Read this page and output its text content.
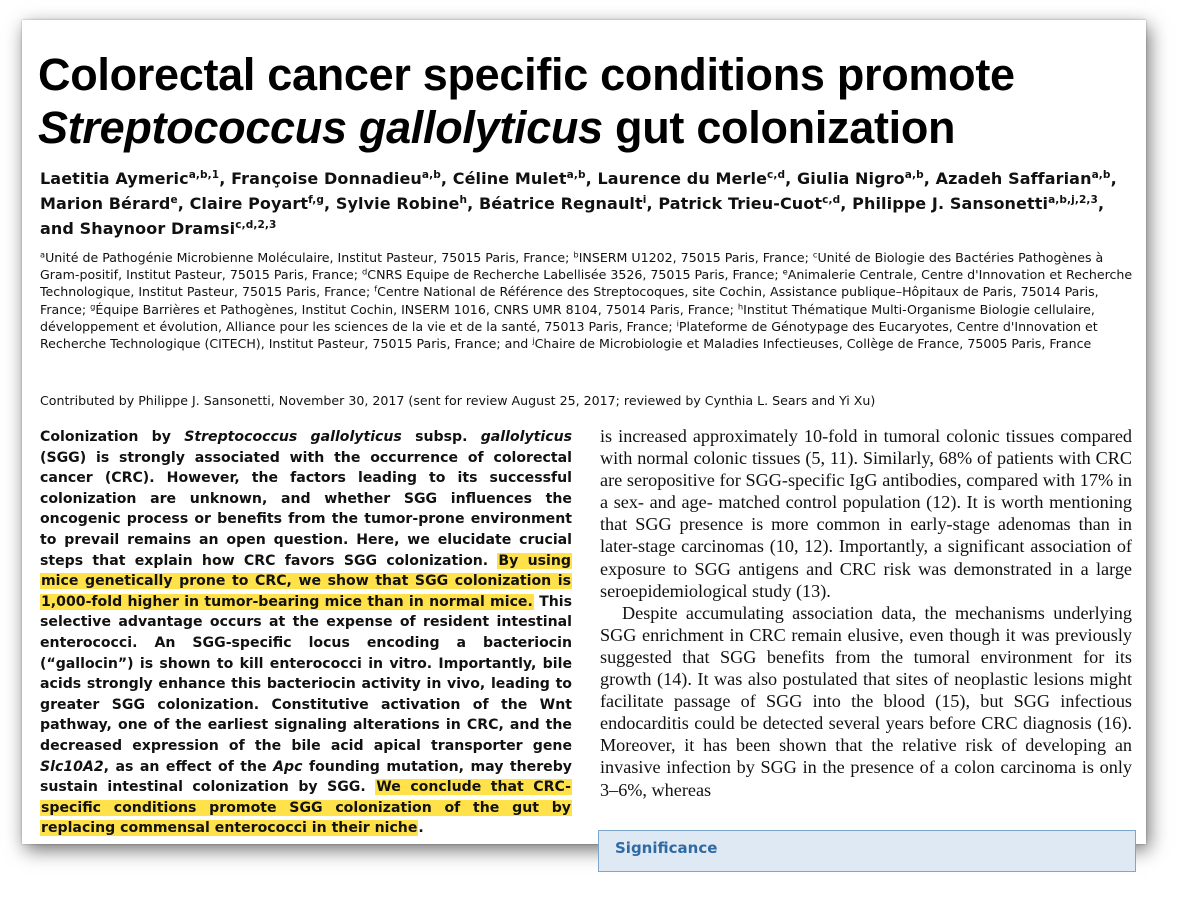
Colorectal cancer specific conditions promote
Streptococcus gallolyticus gut colonization

Laetitia Aymeric$^{a,b,1}$, Françoise Donnadieu$^{a,b}$, Céline Mulet$^{a,b}$, Laurence du Merle$^{c,d}$, Giulia Nigro$^{a,b}$, Azadeh Saffarian$^{a,b}$, Marion Bérard$^e$, Claire Poyart$^{f,g}$, Sylvie Robine$^h$, Béatrice Regnault$^i$, Patrick Trieu-Cuot$^{c,d}$, Philippe J. Sansonetti$^{a,b,j,2,3}$, and Shaynoor Dramsi$^{c,d,2,3}$

$^a$Unité de Pathogénie Microbienne Moléculaire, Institut Pasteur, 75015 Paris, France; $^b$INSERM U1202, 75015 Paris, France; $^c$Unité de Biologie des Bactéries Pathogènes à Gram-positif, Institut Pasteur, 75015 Paris, France; $^d$CNRS Equipe de Recherche Labellisée 3526, 75015 Paris, France; $^e$Animalerie Centrale, Centre d'Innovation et Recherche Technologique, Institut Pasteur, 75015 Paris, France; $^f$Centre National de Référence des Streptocoques, site Cochin, Assistance publique–Hôpitaux de Paris, 75014 Paris, France; $^g$Équipe Barrières et Pathogènes, Institut Cochin, INSERM 1016, CNRS UMR 8104, 75014 Paris, France; $^h$Institut Thématique Multi-Organisme Biologie cellulaire, développement et évolution, Alliance pour les sciences de la vie et de la santé, 75013 Paris, France; $^i$Plateforme de Génotypage des Eucaryotes, Centre d'Innovation et Recherche Technologique (CITECH), Institut Pasteur, 75015 Paris, France; and $^j$Chaire de Microbiologie et Maladies Infectieuses, Collège de France, 75005 Paris, France

Contributed by Philippe J. Sansonetti, November 30, 2017 (sent for review August 25, 2017; reviewed by Cynthia L. Sears and Yi Xu)

Colonization by Streptococcus gallolyticus subsp. gallolyticus (SGG) is strongly associated with the occurrence of colorectal cancer (CRC). However, the factors leading to its successful colonization are unknown, and whether SGG influences the oncogenic process or benefits from the tumor-prone environment to prevail remains an open question. Here, we elucidate crucial steps that explain how CRC favors SGG colonization. By using mice genetically prone to CRC, we show that SGG colonization is 1,000-fold higher in tumor-bearing mice than in normal mice. This selective advantage occurs at the expense of resident intestinal enterococci. An SGG-specific locus encoding a bacteriocin (“gallocin”) is shown to kill enterococci in vitro. Importantly, bile acids strongly enhance this bacteriocin activity in vivo, leading to greater SGG colonization. Constitutive activation of the Wnt pathway, one of the earliest signaling alterations in CRC, and the decreased expression of the bile acid apical transporter gene Slc10A2, as an effect of the Apc founding mutation, may thereby sustain intestinal colonization by SGG. We conclude that CRC-specific conditions promote SGG colonization of the gut by replacing commensal enterococci in their niche.

is increased approximately 10-fold in tumoral colonic tissues compared with normal colonic tissues (5, 11). Similarly, 68% of patients with CRC are seropositive for SGG-specific IgG antibodies, compared with 17% in a sex- and age- matched control population (12). It is worth mentioning that SGG presence is more common in early-stage adenomas than in later-stage carcinomas (10, 12). Importantly, a significant association of exposure to SGG antigens and CRC risk was demonstrated in a large seroepidemiological study (13).

Despite accumulating association data, the mechanisms underlying SGG enrichment in CRC remain elusive, even though it was previously suggested that SGG benefits from the tumoral environment for its growth (14). It was also postulated that sites of neoplastic lesions might facilitate passage of SGG into the blood (15), but SGG infectious endocarditis could be detected several years before CRC diagnosis (16). Moreover, it has been shown that the relative risk of developing an invasive infection by SGG in the presence of a colon carcinoma is only 3–6%, whereas

Significance
